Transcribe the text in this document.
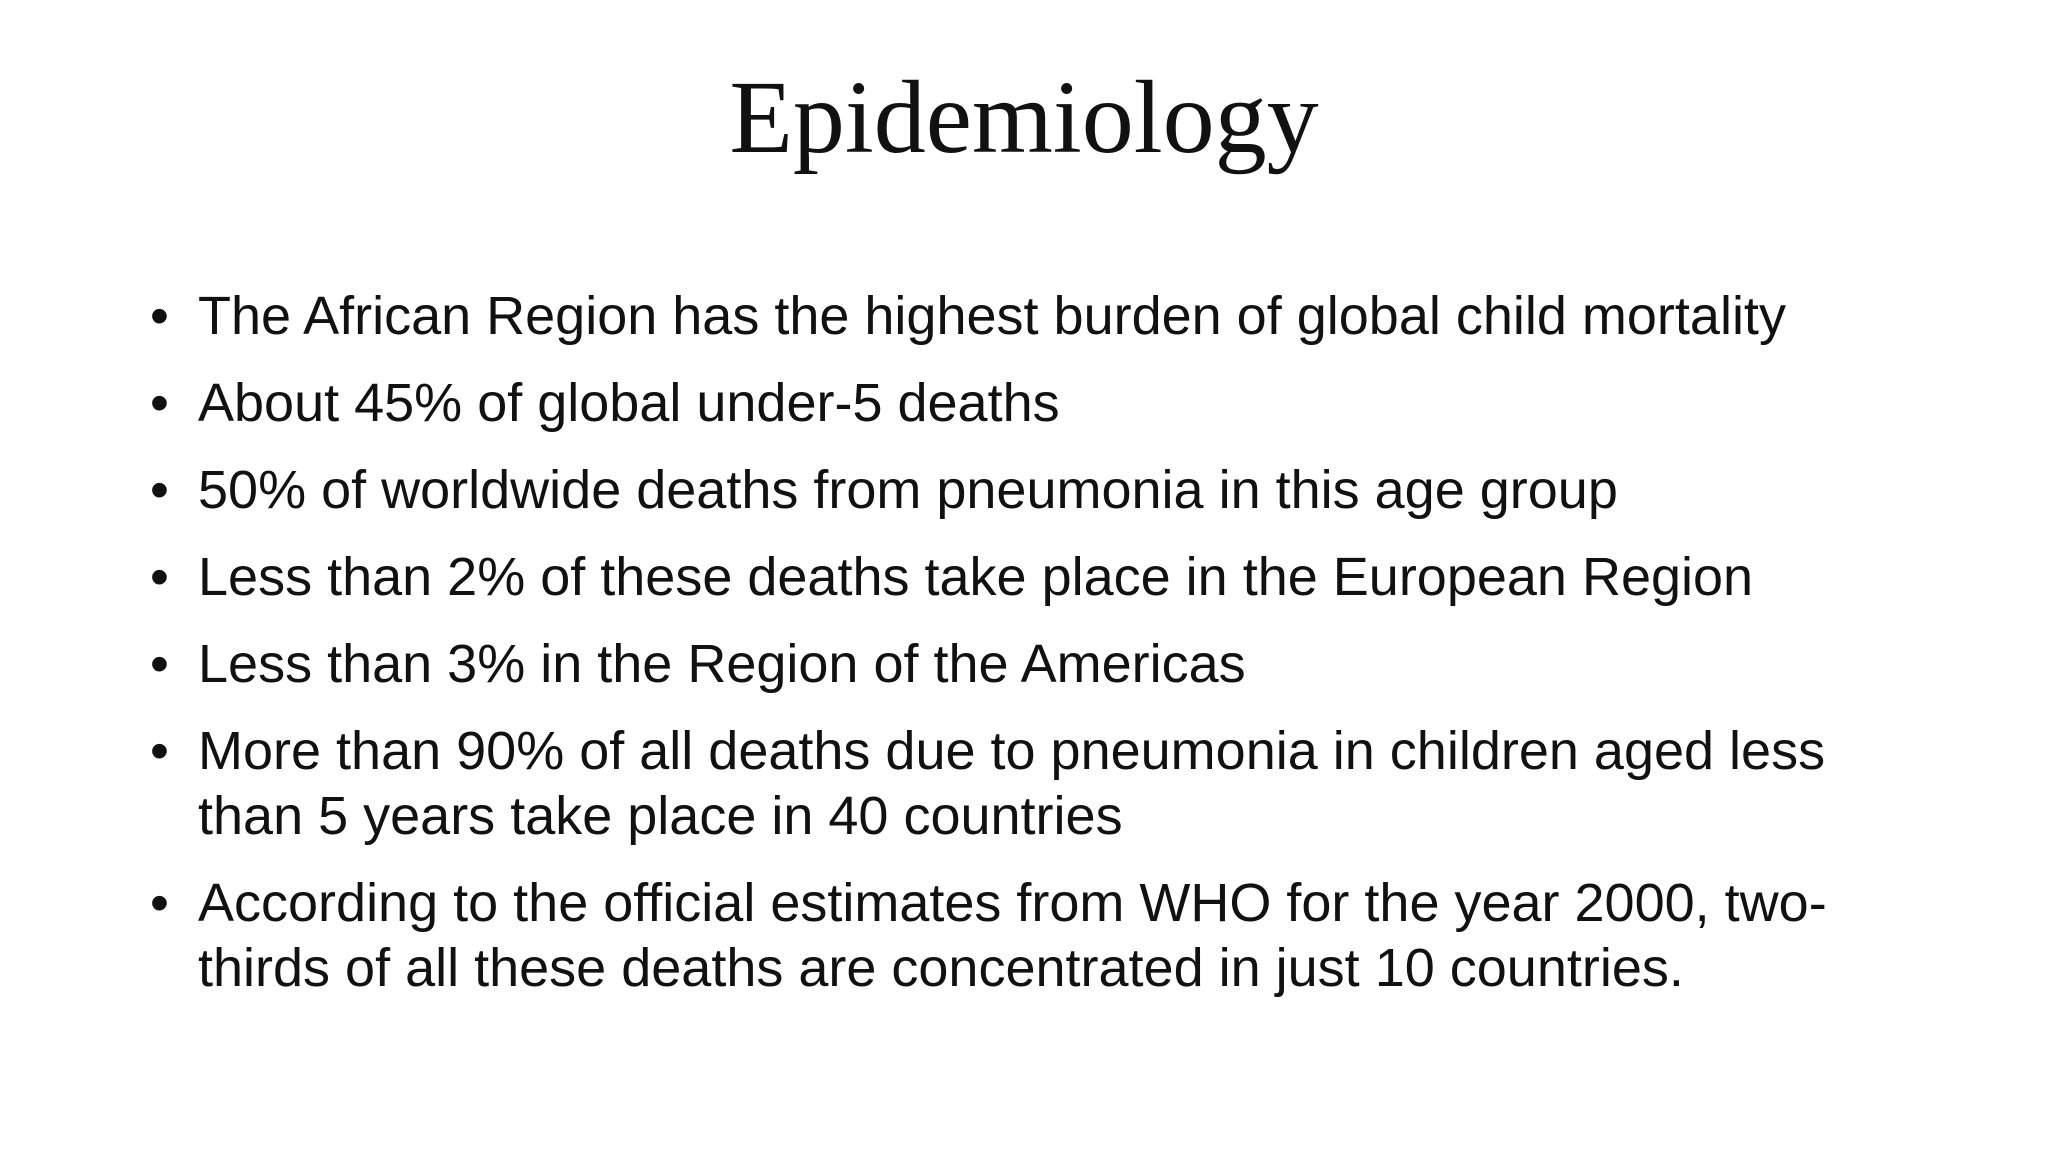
Epidemiology
• The African Region has the highest burden of global child mortality
• About 45% of global under-5 deaths
• 50% of worldwide deaths from pneumonia in this age group
• Less than 2% of these deaths take place in the European Region
• Less than 3% in the Region of the Americas
• More than 90% of all deaths due to pneumonia in children aged less than 5 years take place in 40 countries
• According to the official estimates from WHO for the year 2000, two-thirds of all these deaths are concentrated in just 10 countries.
